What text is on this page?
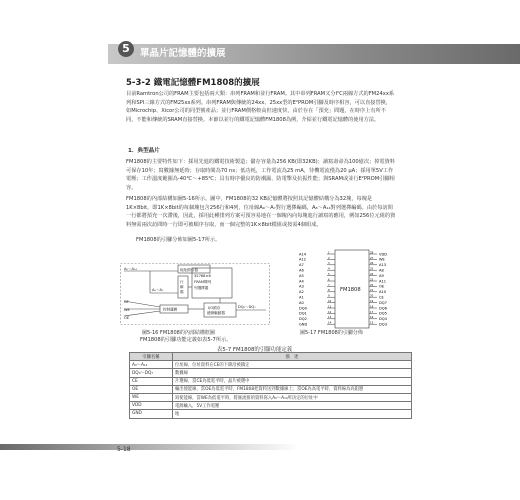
5	單晶片記憶體的擴展
5-3-2 鐵電記憶體FM1808的擴展
目前Ramtron公司的FRAM主要包括兩大類：串列FRAM和並行FRAM。其中串列FRAM又分I²C兩線方式的FM24xx系列和SPI三線方式的FM25xx系列。串列FRAM與傳統的24xx、25xx型的E²PROM引腳及時序相容，可以直接替換，如Microchip、Xicor公司的同型號產品；並行FRAM價格較高但速度快，由於存在「預充」問題，在時序上有所不同，不能和傳統的SRAM直接替換。本節以並行的鐵電記憶體FM1808為例，介紹並行鐵電記憶體的使用方法。
1．典型晶片
FM1808的主要特性如下：採用先進的鐵電技術製造；儲存容量為256 KB(即32KB)；讀寫壽命為100億次；掉電資料可保存10年；寫數據無延時；存取時間為70 ns；低功耗，工作電流為25 mA，待機電流僅為20 μA；採用單5V工作電壓；工作溫度範圍為-40℃～+85℃；具有時序優良的防潮濕、防電擊及抗振性能；與SRAM或並行E²PROM引腳相容。
FM1808的內部結構如圖5-16所示。圖中，FM1808的32 KB記憶體將按照其記憶體結構分為32塊，每塊是1K×8bit，即1K×8bit的每個塊包含256行和4列，位址線A₀～A₇對行選擇編碼，A₈～A₁₄對列選擇編碼。由於每訪問一行都將預充一次滯後，因此，採用此種排列方案可預容易地在一個塊內向每塊進行讀寫的應用，例如256位元組的資料無需兩次訪問時一行即可被順序存取，而一個完整的1K×8bit模組或按需4個組成。
FM1808的引腳分佈如圖5-17所示。
A₀～A₁₄	地址鎖存器
行
解
碼
32768×8
FRAM陣列
列選擇器
A₀～A₇
CE
WE
OE
控制邏輯	I/O鎖存
總線驅動器
DQ₀～DQ₇
圖5-16 FM1808的內部結構框圖
A14	1
A12	2
A7	3
A6	4
A5	5
A4	6
A3	7
A2	8
A1	9
A0	10
DQ0	11
DQ1	12
DQ2	13
GND	14
VDD
28
WE
27
A13
26
A8
25
A9
24
A11
23
OE
22
A10
21
CE
20
DQ7
19
DQ6
18
DQ5
17
DQ4
16
DQ3
15
FM1808
圖5-17 FM1808的引腳分佈
FM1808的引腳功能定義如表5-7所示。
表5-7 FM1808的引腳功能定義
引腳名稱	描　述
A₀～A₁₄	位址線，位址資料在CE的下降沿被鎖定
DQ₀～DQ₇	數據線
CE	片選線，當CE為低電平時，晶片被選中
OE	輸出使能線，當OE為低電平時，FM1808把資料送到數據線上；當OE為高電平時，資料線為高阻態
WE	寫使能線，當WE為低電平時，將匯流排的資料寫入A₀～A₁₄所決定的位址中
VDD	電源輸入，5V工作電壓
GND	地
5-18
